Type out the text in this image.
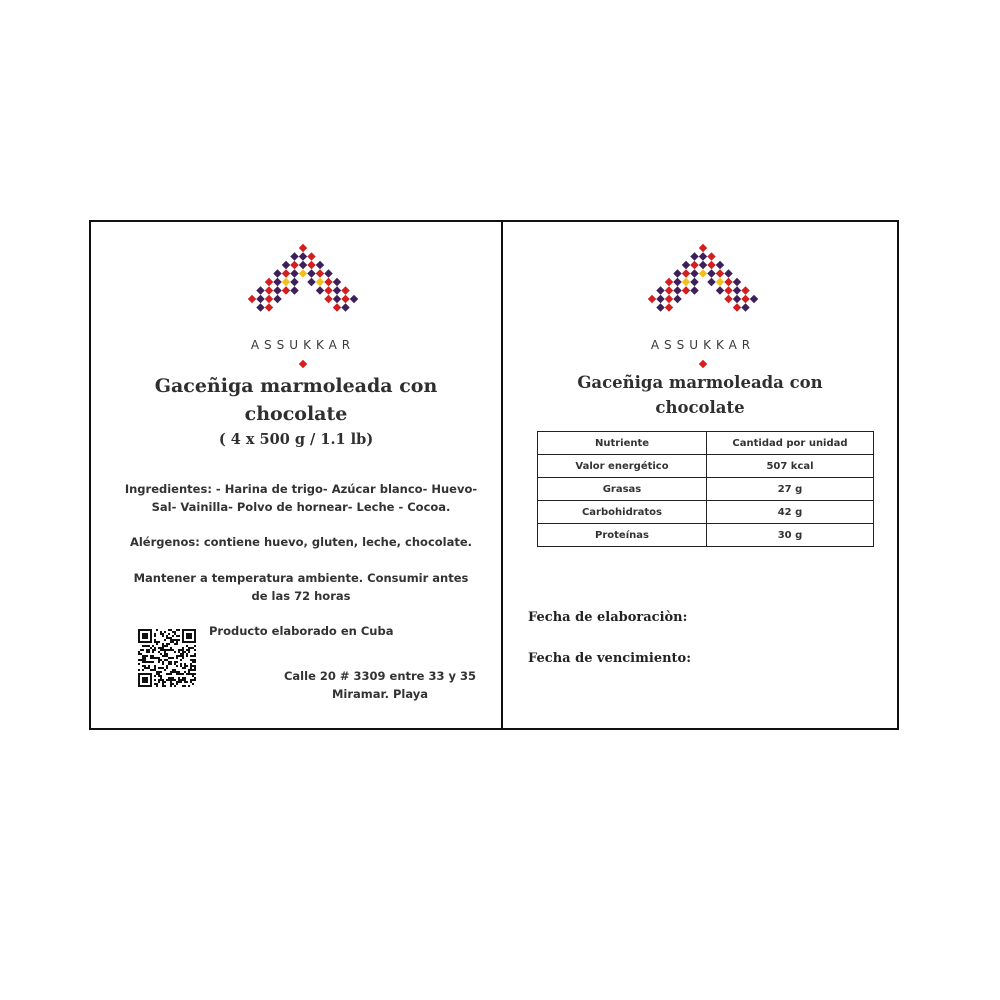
ASSUKKAR
Gaceñiga marmoleada con
chocolate
( 4 x 500 g / 1.1 lb)
Ingredientes: - Harina de trigo- Azúcar blanco- Huevo-
Sal- Vainilla- Polvo de hornear- Leche - Cocoa.
Alérgenos: contiene huevo, gluten, leche, chocolate.
Mantener a temperatura ambiente. Consumir antes
de las 72 horas
Producto elaborado en Cuba
Calle 20 # 3309 entre 33 y 35
Miramar. Playa
ASSUKKAR
Gaceñiga marmoleada con
chocolate
Nutriente	Cantidad por unidad
Valor energético	507 kcal
Grasas	27 g
Carbohidratos	42 g
Proteínas	30 g
Fecha de elaboraciòn:
Fecha de vencimiento:
